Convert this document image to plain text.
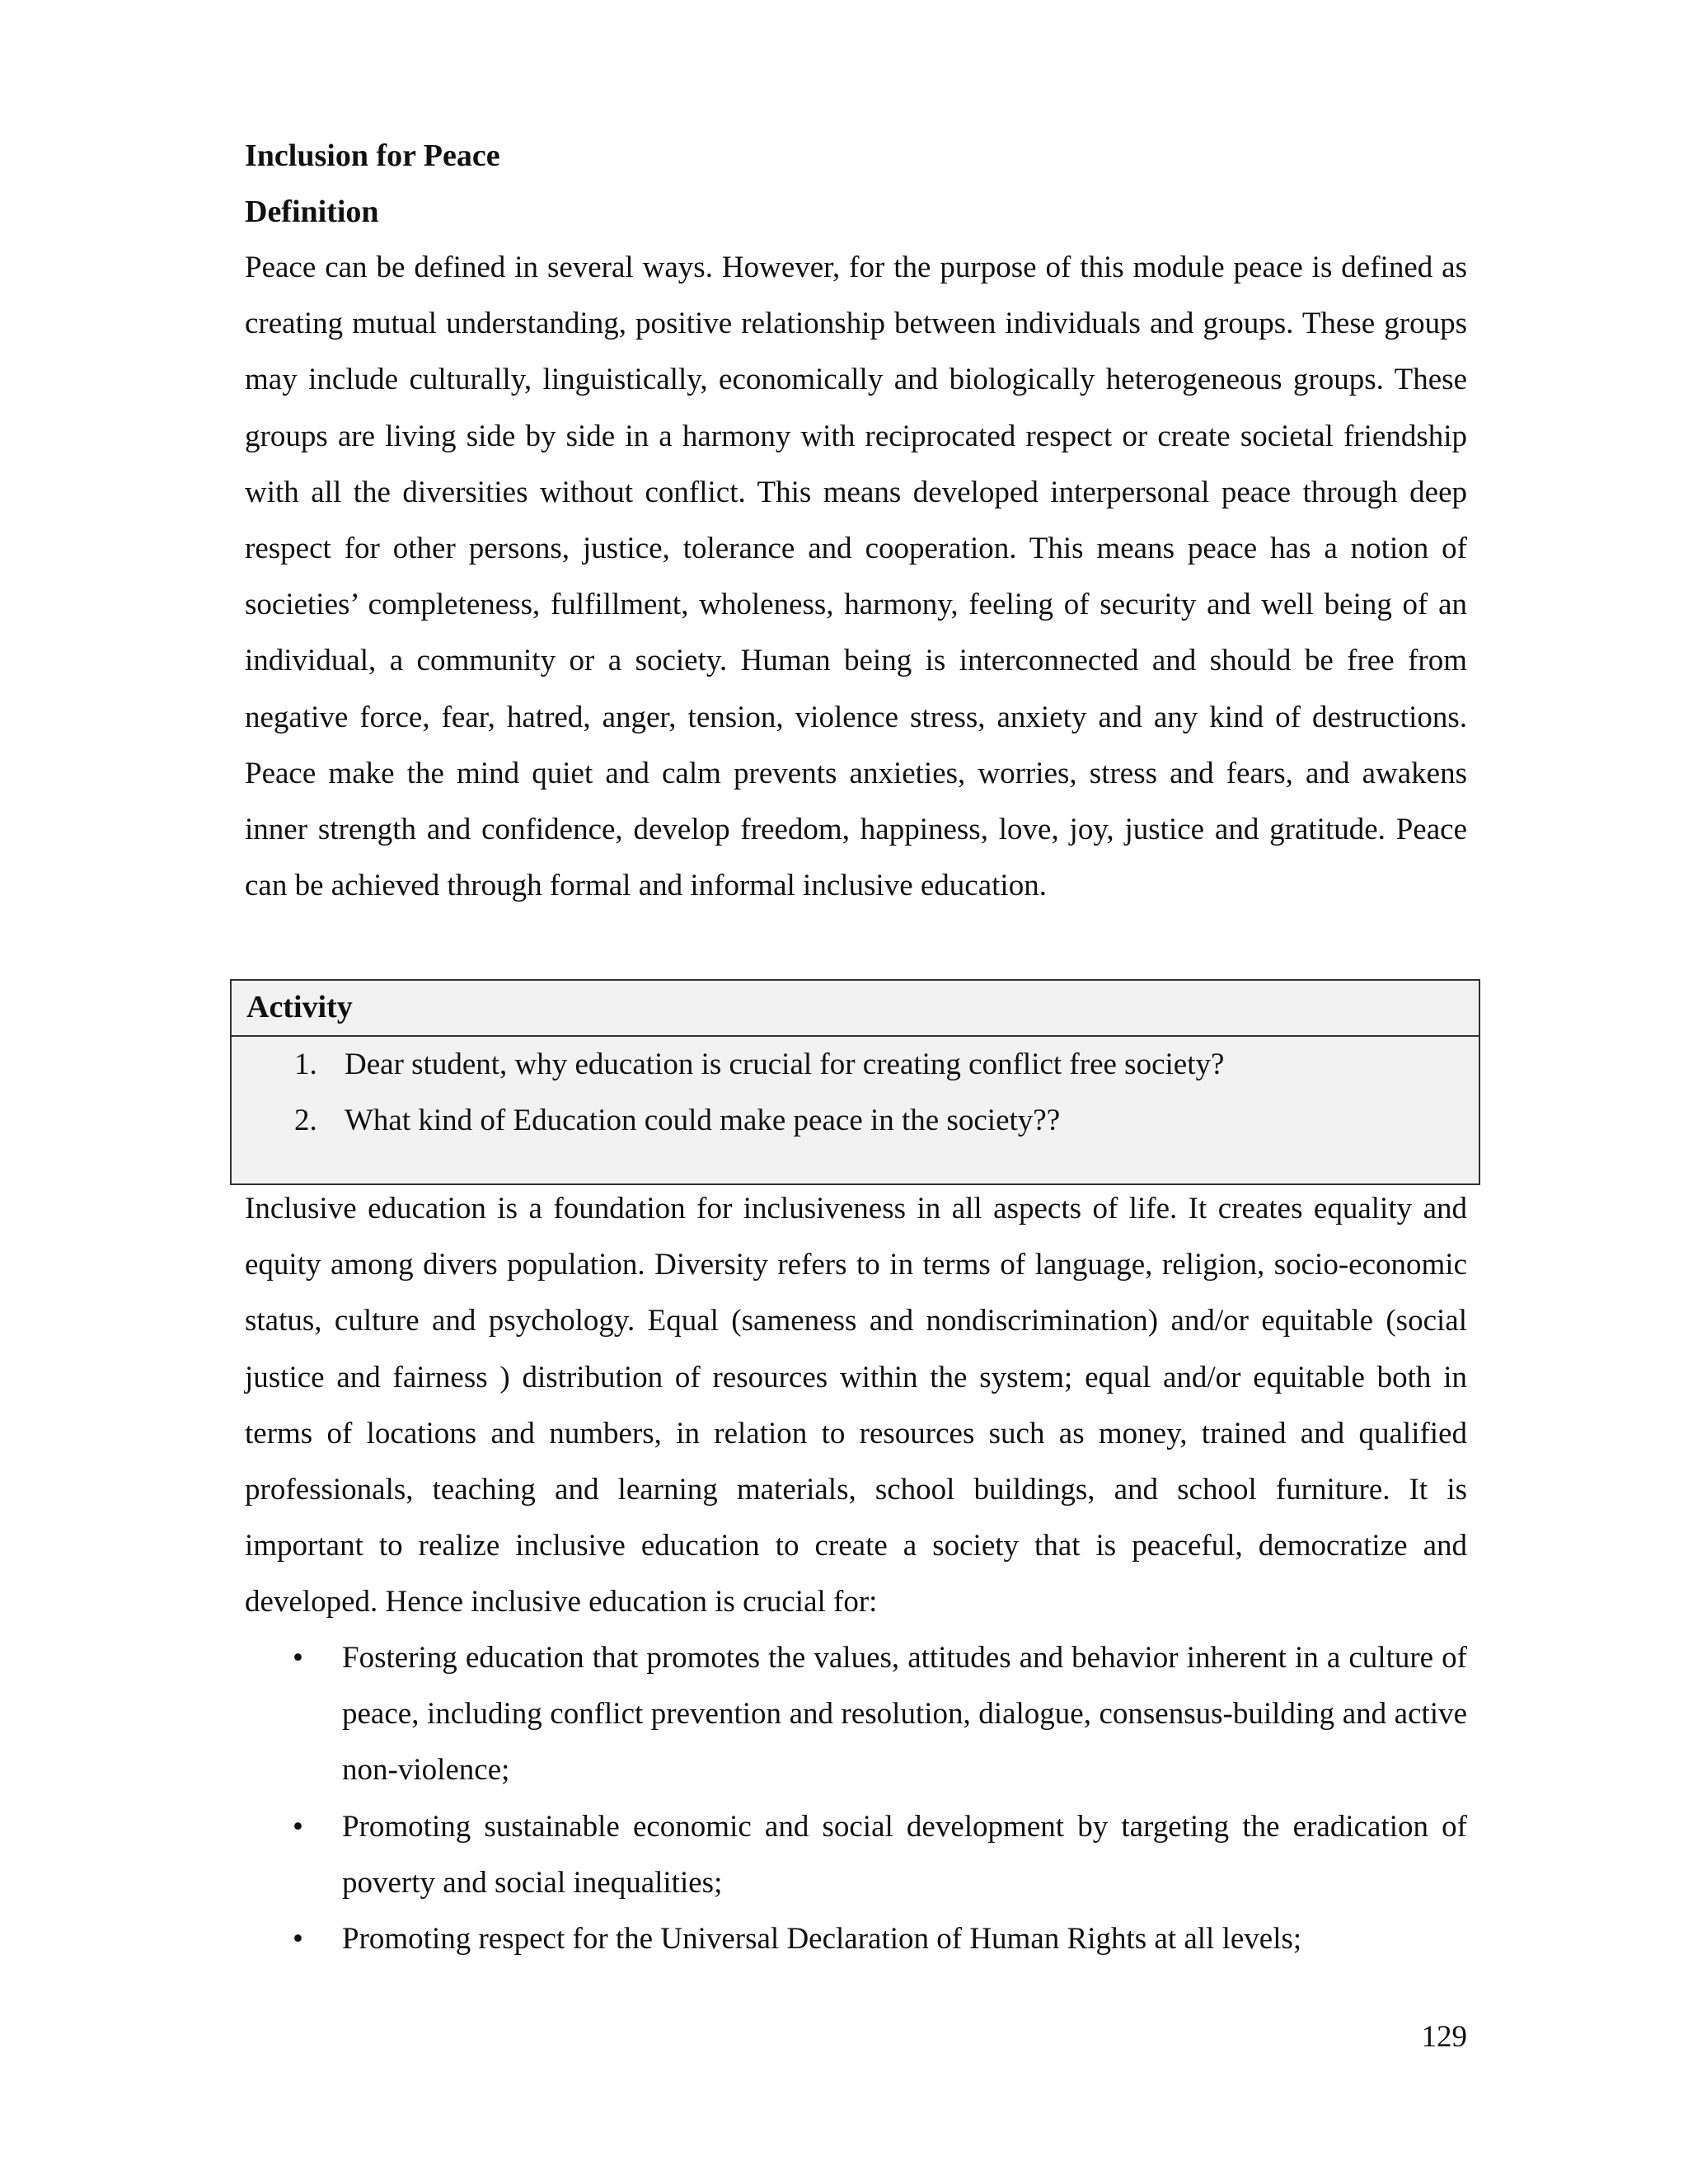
Inclusion for Peace
Definition

Peace can be defined in several ways. However, for the purpose of this module peace is defined as creating mutual understanding, positive relationship between individuals and groups. These groups may include culturally, linguistically, economically and biologically heterogeneous groups. These groups are living side by side in a harmony with reciprocated respect or create societal friendship with all the diversities without conflict. This means developed interpersonal peace through deep respect for other persons, justice, tolerance and cooperation. This means peace has a notion of societies’ completeness, fulfillment, wholeness, harmony, feeling of security and well being of an individual, a community or a society. Human being is interconnected and should be free from negative force, fear, hatred, anger, tension, violence stress, anxiety and any kind of destructions. Peace make the mind quiet and calm prevents anxieties, worries, stress and fears, and awakens inner strength and confidence, develop freedom, happiness, love, joy, justice and gratitude. Peace can be achieved through formal and informal inclusive education.

Activity
1. Dear student, why education is crucial for creating conflict free society?
2. What kind of Education could make peace in the society??

Inclusive education is a foundation for inclusiveness in all aspects of life. It creates equality and equity among divers population. Diversity refers to in terms of language, religion, socio-economic status, culture and psychology. Equal (sameness and nondiscrimination) and/or equitable (social justice and fairness ) distribution of resources within the system; equal and/or equitable both in terms of locations and numbers, in relation to resources such as money, trained and qualified professionals, teaching and learning materials, school buildings, and school furniture. It is important to realize inclusive education to create a society that is peaceful, democratize and developed. Hence inclusive education is crucial for:

• Fostering education that promotes the values, attitudes and behavior inherent in a culture of peace, including conflict prevention and resolution, dialogue, consensus-building and active non-violence;
• Promoting sustainable economic and social development by targeting the eradication of poverty and social inequalities;
• Promoting respect for the Universal Declaration of Human Rights at all levels;
129
